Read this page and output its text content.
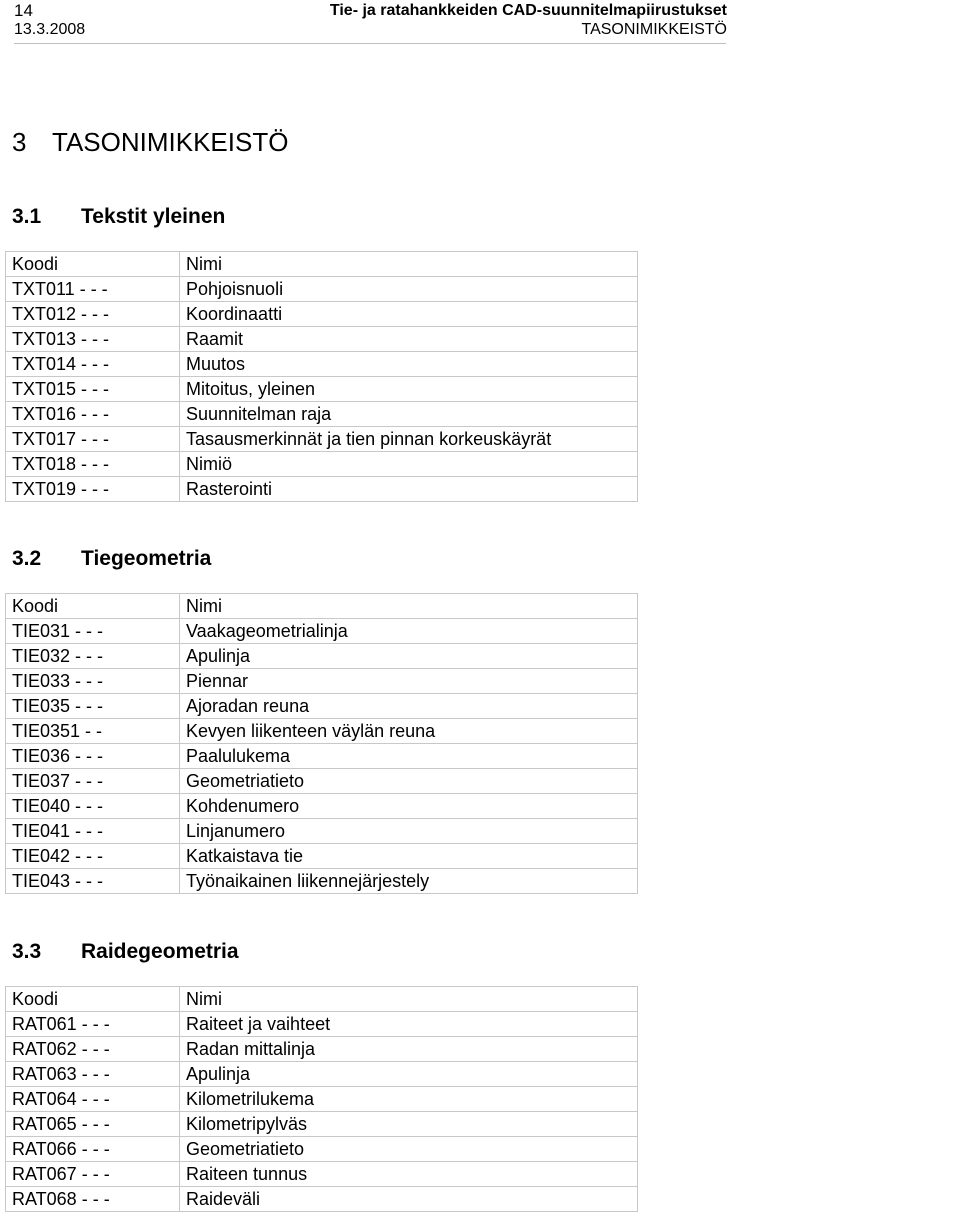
14
13.3.2008
Tie- ja ratahankkeiden CAD-suunnitelmapiirustukset
TASONIMIKKEISTÖ
3 TASONIMIKKEISTÖ
3.1 Tekstit yleinen
Koodi	Nimi
TXT011 - - -	Pohjoisnuoli
TXT012 - - -	Koordinaatti
TXT013 - - -	Raamit
TXT014 - - -	Muutos
TXT015 - - -	Mitoitus, yleinen
TXT016 - - -	Suunnitelman raja
TXT017 - - -	Tasausmerkinnät ja tien pinnan korkeuskäyrät
TXT018 - - -	Nimiö
TXT019 - - -	Rasterointi
3.2 Tiegeometria
Koodi	Nimi
TIE031 - - -	Vaakageometrialinja
TIE032 - - -	Apulinja
TIE033 - - -	Piennar
TIE035 - - -	Ajoradan reuna
TIE0351 - -	Kevyen liikenteen väylän reuna
TIE036 - - -	Paalulukema
TIE037 - - -	Geometriatieto
TIE040 - - -	Kohdenumero
TIE041 - - -	Linjanumero
TIE042 - - -	Katkaistava tie
TIE043 - - -	Työnaikainen liikennejärjestely
3.3 Raidegeometria
Koodi	Nimi
RAT061 - - -	Raiteet ja vaihteet
RAT062 - - -	Radan mittalinja
RAT063 - - -	Apulinja
RAT064 - - -	Kilometrilukema
RAT065 - - -	Kilometripylväs
RAT066 - - -	Geometriatieto
RAT067 - - -	Raiteen tunnus
RAT068 - - -	Raideväli
